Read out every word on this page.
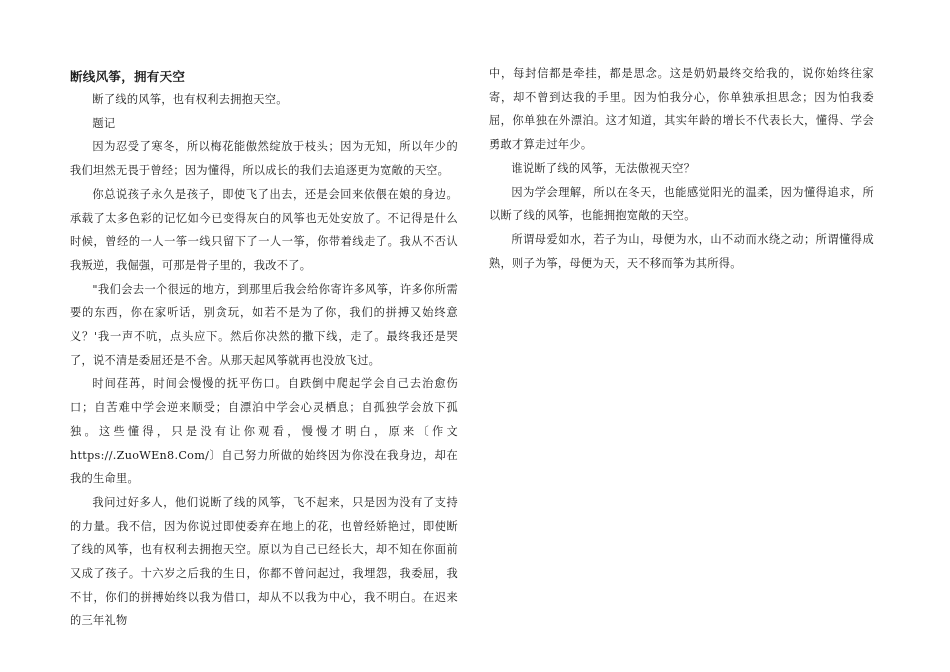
断线风筝，拥有天空

断了线的风筝，也有权利去拥抱天空。

题记

因为忍受了寒冬，所以梅花能傲然绽放于枝头；因为无知，所以年少的我们坦然无畏于曾经；因为懂得，所以成长的我们去追逐更为宽敞的天空。

你总说孩子永久是孩子，即使飞了出去，还是会回来依偎在娘的身边。承载了太多色彩的记忆如今已变得灰白的风筝也无处安放了。不记得是什么时候，曾经的一人一筝一线只留下了一人一筝，你带着线走了。我从不否认我叛逆，我倔强，可那是骨子里的，我改不了。

"我们会去一个很远的地方，到那里后我会给你寄许多风筝，许多你所需要的东西，你在家听话，别贪玩，如若不是为了你，我们的拼搏又始终意义？'我一声不吭，点头应下。然后你决然的撒下线，走了。最终我还是哭了，说不清是委屈还是不舍。从那天起风筝就再也没放飞过。

时间荏苒，时间会慢慢的抚平伤口。自跌倒中爬起学会自己去治愈伤口；自苦难中学会逆来顺受；自漂泊中学会心灵栖息；自孤独学会放下孤独。这些懂得，只是没有让你观看，慢慢才明白，原来〔作文https://.ZuoWEn8.Com/〕自己努力所做的始终因为你没在我身边，却在我的生命里。

我问过好多人，他们说断了线的风筝，飞不起来，只是因为没有了支持的力量。我不信，因为你说过即使委弃在地上的花，也曾经娇艳过，即使断了线的风筝，也有权利去拥抱天空。原以为自己已经长大，却不知在你面前又成了孩子。十六岁之后我的生日，你都不曾问起过，我埋怨，我委屈，我不甘，你们的拼搏始终以我为借口，却从不以我为中心，我不明白。在迟来的三年礼物

中，每封信都是牵挂，都是思念。这是奶奶最终交给我的，说你始终往家寄，却不曾到达我的手里。因为怕我分心，你单独承担思念；因为怕我委屈，你单独在外漂泊。这才知道，其实年龄的增长不代表长大，懂得、学会勇敢才算走过年少。

谁说断了线的风筝，无法傲视天空？

因为学会理解，所以在冬天，也能感觉阳光的温柔，因为懂得追求，所以断了线的风筝，也能拥抱宽敞的天空。

所谓母爱如水，若子为山，母便为水，山不动而水绕之动；所谓懂得成熟，则子为筝，母便为天，天不移而筝为其所得。
